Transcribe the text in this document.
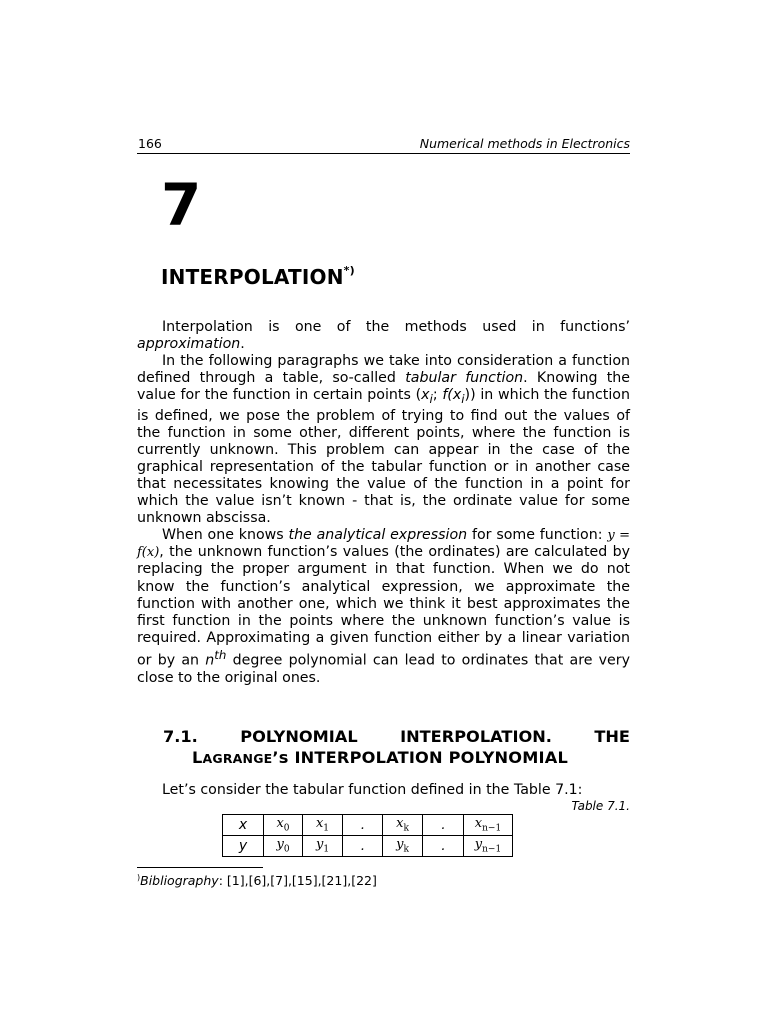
166	Numerical methods in Electronics
7
INTERPOLATION*)

Interpolation is one of the methods used in functions’ approximation.

In the following paragraphs we take into consideration a function defined through a table, so-called tabular function. Knowing the value for the function in certain points ($x_i$; $f(x_i)$) in which the function is defined, we pose the problem of trying to find out the values of the function in some other, different points, where the function is currently unknown. This problem can appear in the case of the graphical representation of the tabular function or in another case that necessitates knowing the value of the function in a point for which the value isn’t known - that is, the ordinate value for some unknown abscissa.

When one knows the analytical expression for some function: y = f(x), the unknown function’s values (the ordinates) are calculated by replacing the proper argument in that function. When we do not know the function’s analytical expression, we approximate the function with another one, which we think it best approximates the first function in the points where the unknown function’s value is required. Approximating a given function either by a linear variation or by an $n^{th}$ degree polynomial can lead to ordinates that are very close to the original ones.

7.1.	POLYNOMIAL	INTERPOLATION.	THE
LAGRANGE’s INTERPOLATION POLYNOMIAL
Let’s consider the tabular function defined in the Table 7.1:
Table 7.1.
x	$x_0$	$x_1$	.	$x_k$	.	$x_{n-1}$
y	$y_0$	$y_1$	.	$y_k$	.	$y_{n-1}$
)Bibliography: [1],[6],[7],[15],[21],[22]
